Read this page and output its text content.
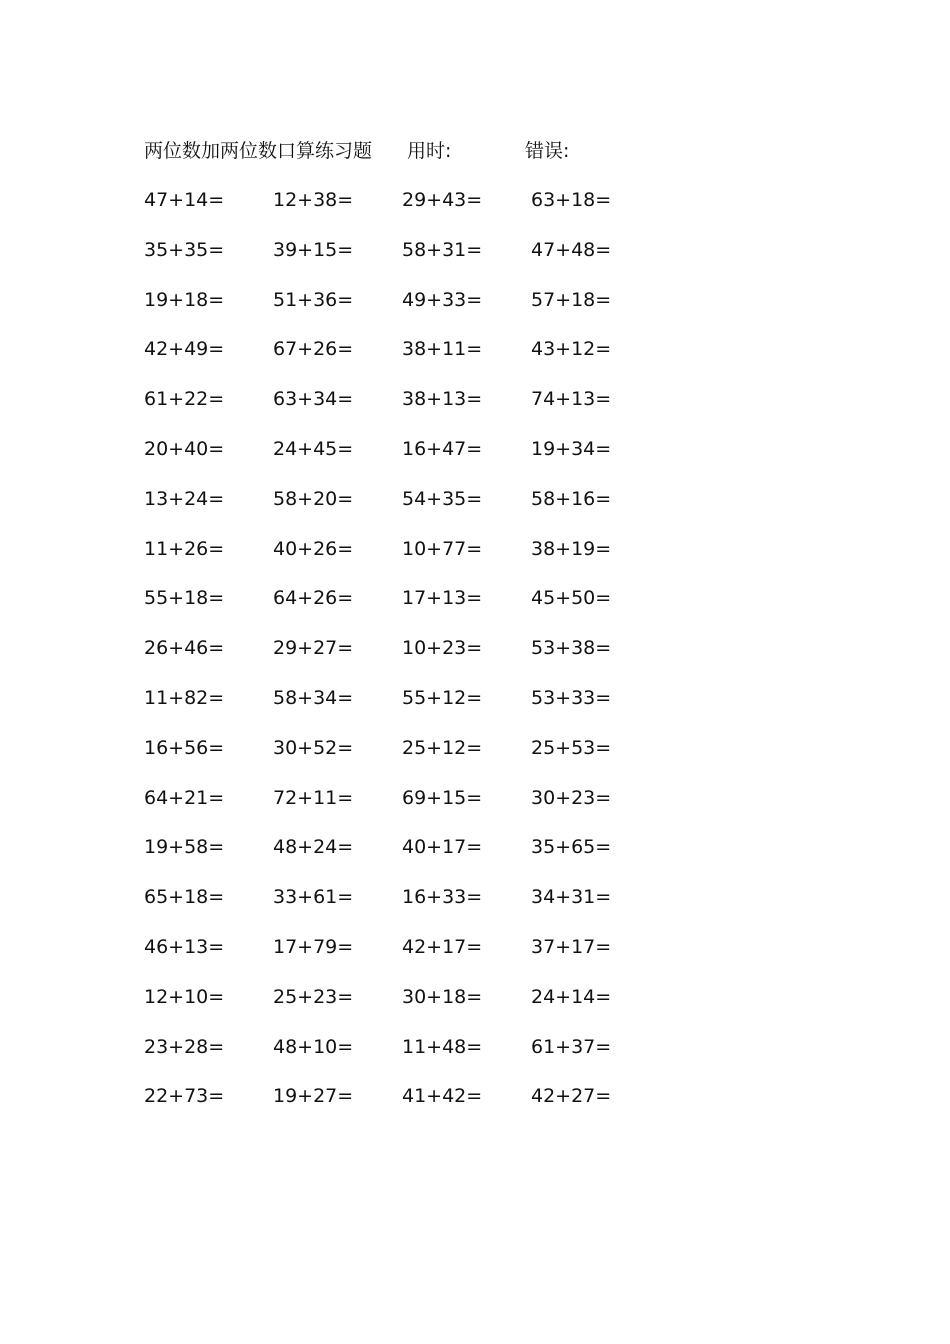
两位数加两位数口算练习题 用时:	错误:
47+14=	12+38=	29+43=	63+18=
35+35=	39+15=	58+31=	47+48=
19+18=	51+36=	49+33=	57+18=
42+49=	67+26=	38+11=	43+12=
61+22=	63+34=	38+13=	74+13=
20+40=	24+45=	16+47=	19+34=
13+24=	58+20=	54+35=	58+16=
11+26=	40+26=	10+77=	38+19=
55+18=	64+26=	17+13=	45+50=
26+46=	29+27=	10+23=	53+38=
11+82=	58+34=	55+12=	53+33=
16+56=	30+52=	25+12=	25+53=
64+21=	72+11=	69+15=	30+23=
19+58=	48+24=	40+17=	35+65=
65+18=	33+61=	16+33=	34+31=
46+13=	17+79=	42+17=	37+17=
12+10=	25+23=	30+18=	24+14=
23+28=	48+10=	11+48=	61+37=
22+73=	19+27=	41+42=	42+27=
